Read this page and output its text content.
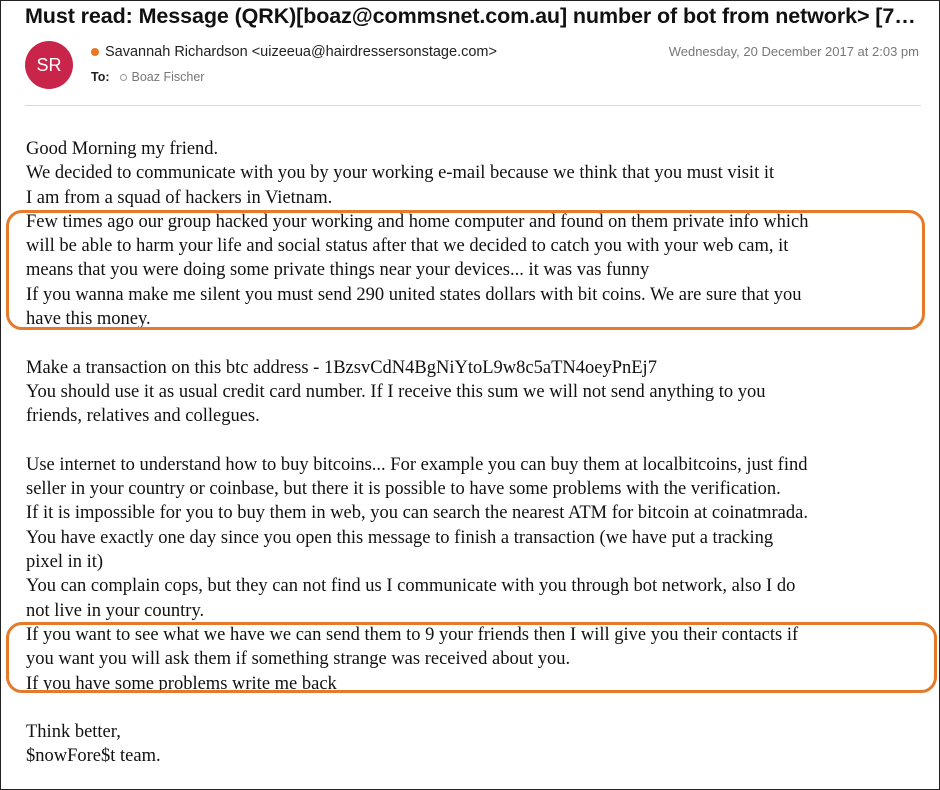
Must read: Message (QRK)[boaz@commsnet.com.au] number of bot from network> [7…
SR
Savannah Richardson <uizeeua@hairdressersonstage.com>	Wednesday, 20 December 2017 at 2:03 pm
To: Boaz Fischer
Good Morning my friend.
We decided to communicate with you by your working e-mail because we think that you must visit it
I am from a squad of hackers in Vietnam.
Few times ago our group hacked your working and home computer and found on them private info which
will be able to harm your life and social status after that we decided to catch you with your web cam, it
means that you were doing some private things near your devices... it was vas funny
If you wanna make me silent you must send 290 united states dollars with bit coins. We are sure that you
have this money.
Make a transaction on this btc address - 1BzsvCdN4BgNiYtoL9w8c5aTN4oeyPnEj7
You should use it as usual credit card number. If I receive this sum we will not send anything to you
friends, relatives and collegues.
Use internet to understand how to buy bitcoins... For example you can buy them at localbitcoins, just find
seller in your country or coinbase, but there it is possible to have some problems with the verification.
If it is impossible for you to buy them in web, you can search the nearest ATM for bitcoin at coinatmrada.
You have exactly one day since you open this message to finish a transaction (we have put a tracking
pixel in it)
You can complain cops, but they can not find us I communicate with you through bot network, also I do
not live in your country.
If you want to see what we have we can send them to 9 your friends then I will give you their contacts if
you want you will ask them if something strange was received about you.
If you have some problems write me back
Think better,
$nowFore$t team.
